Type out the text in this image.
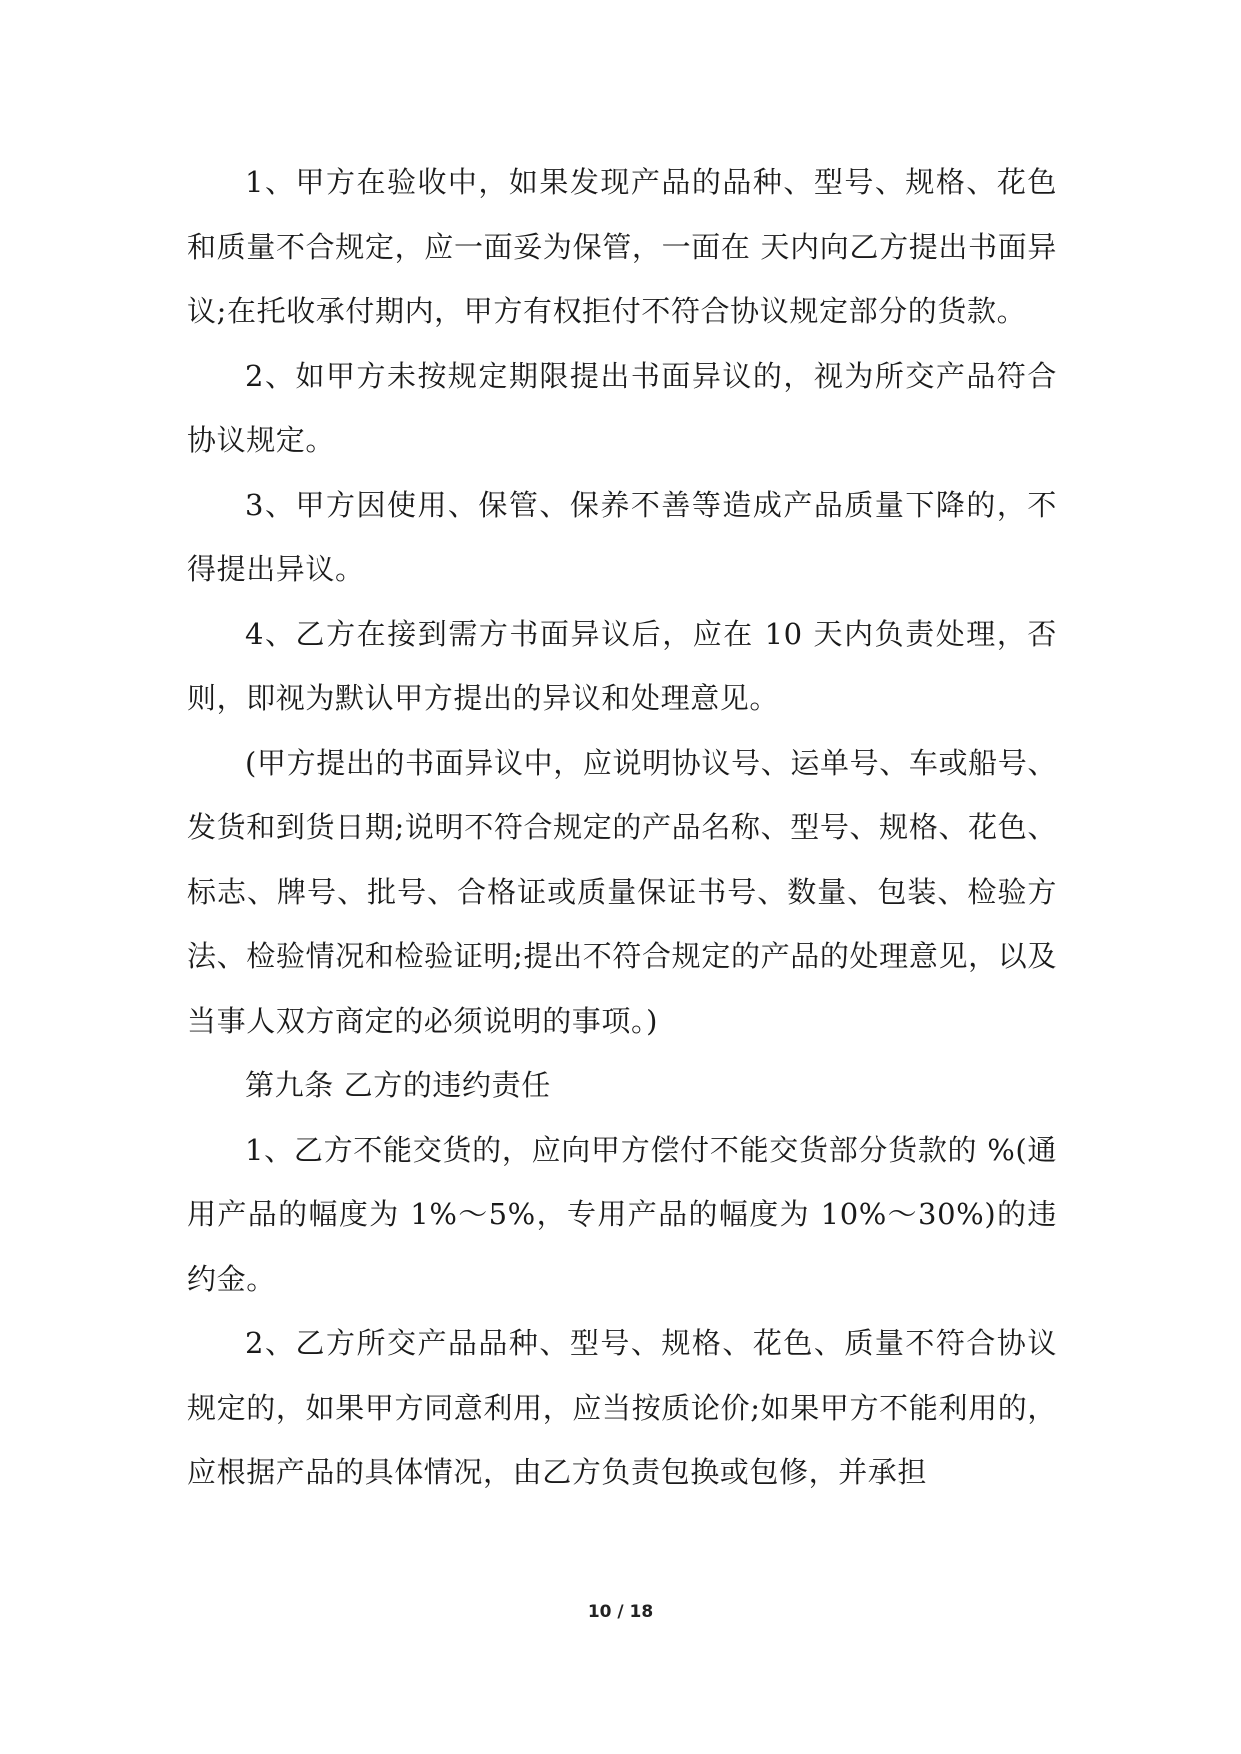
1、甲方在验收中，如果发现产品的品种、型号、规格、花色和质量不合规定，应一面妥为保管，一面在 天内向乙方提出书面异议;在托收承付期内，甲方有权拒付不符合协议规定部分的货款。

2、如甲方未按规定期限提出书面异议的，视为所交产品符合协议规定。

3、甲方因使用、保管、保养不善等造成产品质量下降的，不得提出异议。

4、乙方在接到需方书面异议后，应在 10 天内负责处理，否则，即视为默认甲方提出的异议和处理意见。

(甲方提出的书面异议中，应说明协议号、运单号、车或船号、发货和到货日期;说明不符合规定的产品名称、型号、规格、花色、标志、牌号、批号、合格证或质量保证书号、数量、包装、检验方法、检验情况和检验证明;提出不符合规定的产品的处理意见，以及当事人双方商定的必须说明的事项。)

第九条 乙方的违约责任

1、乙方不能交货的，应向甲方偿付不能交货部分货款的 %(通用产品的幅度为 1%～5%，专用产品的幅度为 10%～30%)的违约金。

2、乙方所交产品品种、型号、规格、花色、质量不符合协议规定的，如果甲方同意利用，应当按质论价;如果甲方不能利用的，应根据产品的具体情况，由乙方负责包换或包修，并承担

10 / 18
